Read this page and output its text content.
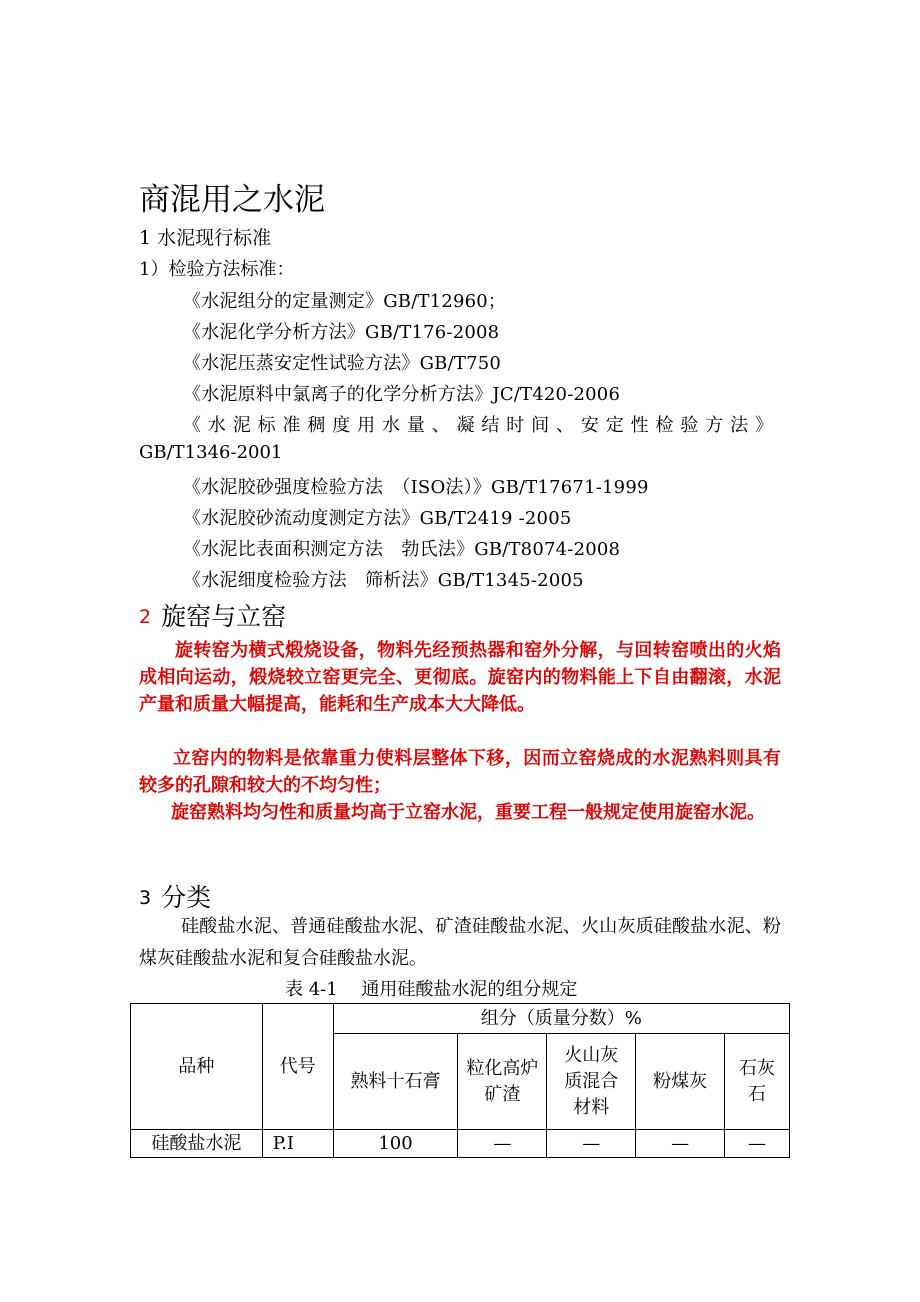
商混用之水泥
1 水泥现行标准
1）检验方法标准：
《水泥组分的定量测定》GB/T12960；
《水泥化学分析方法》GB/T176-2008
《水泥压蒸安定性试验方法》GB/T750
《水泥原料中氯离子的化学分析方法》JC/T420-2006
《水泥标准稠度用水量、凝结时间、安定性检验方法》
GB/T1346-2001
《水泥胶砂强度检验方法　（ISO法）》GB/T17671-1999
《水泥胶砂流动度测定方法》GB/T2419 -2005
《水泥比表面积测定方法　勃氏法》GB/T8074-2008
《水泥细度检验方法　筛析法》GB/T1345-2005
2 旋窑与立窑
旋转窑为横式煅烧设备，物料先经预热器和窑外分解，与回转窑喷出的火焰成相向运动，煅烧较立窑更完全、更彻底。旋窑内的物料能上下自由翻滚，水泥产量和质量大幅提高，能耗和生产成本大大降低。
立窑内的物料是依靠重力使料层整体下移，因而立窑烧成的水泥熟料则具有较多的孔隙和较大的不均匀性；
旋窑熟料均匀性和质量均高于立窑水泥，重要工程一般规定使用旋窑水泥。
3 分类
硅酸盐水泥、普通硅酸盐水泥、矿渣硅酸盐水泥、火山灰质硅酸盐水泥、粉煤灰硅酸盐水泥和复合硅酸盐水泥。
表 4-1　 通用硅酸盐水泥的组分规定
品种	代号	组分（质量分数）%				
		熟料十石膏	粒化高炉矿渣	火山灰质混合材料	粉煤灰	石灰石
硅酸盐水泥	P.Ⅰ	100	—	—	—	—
